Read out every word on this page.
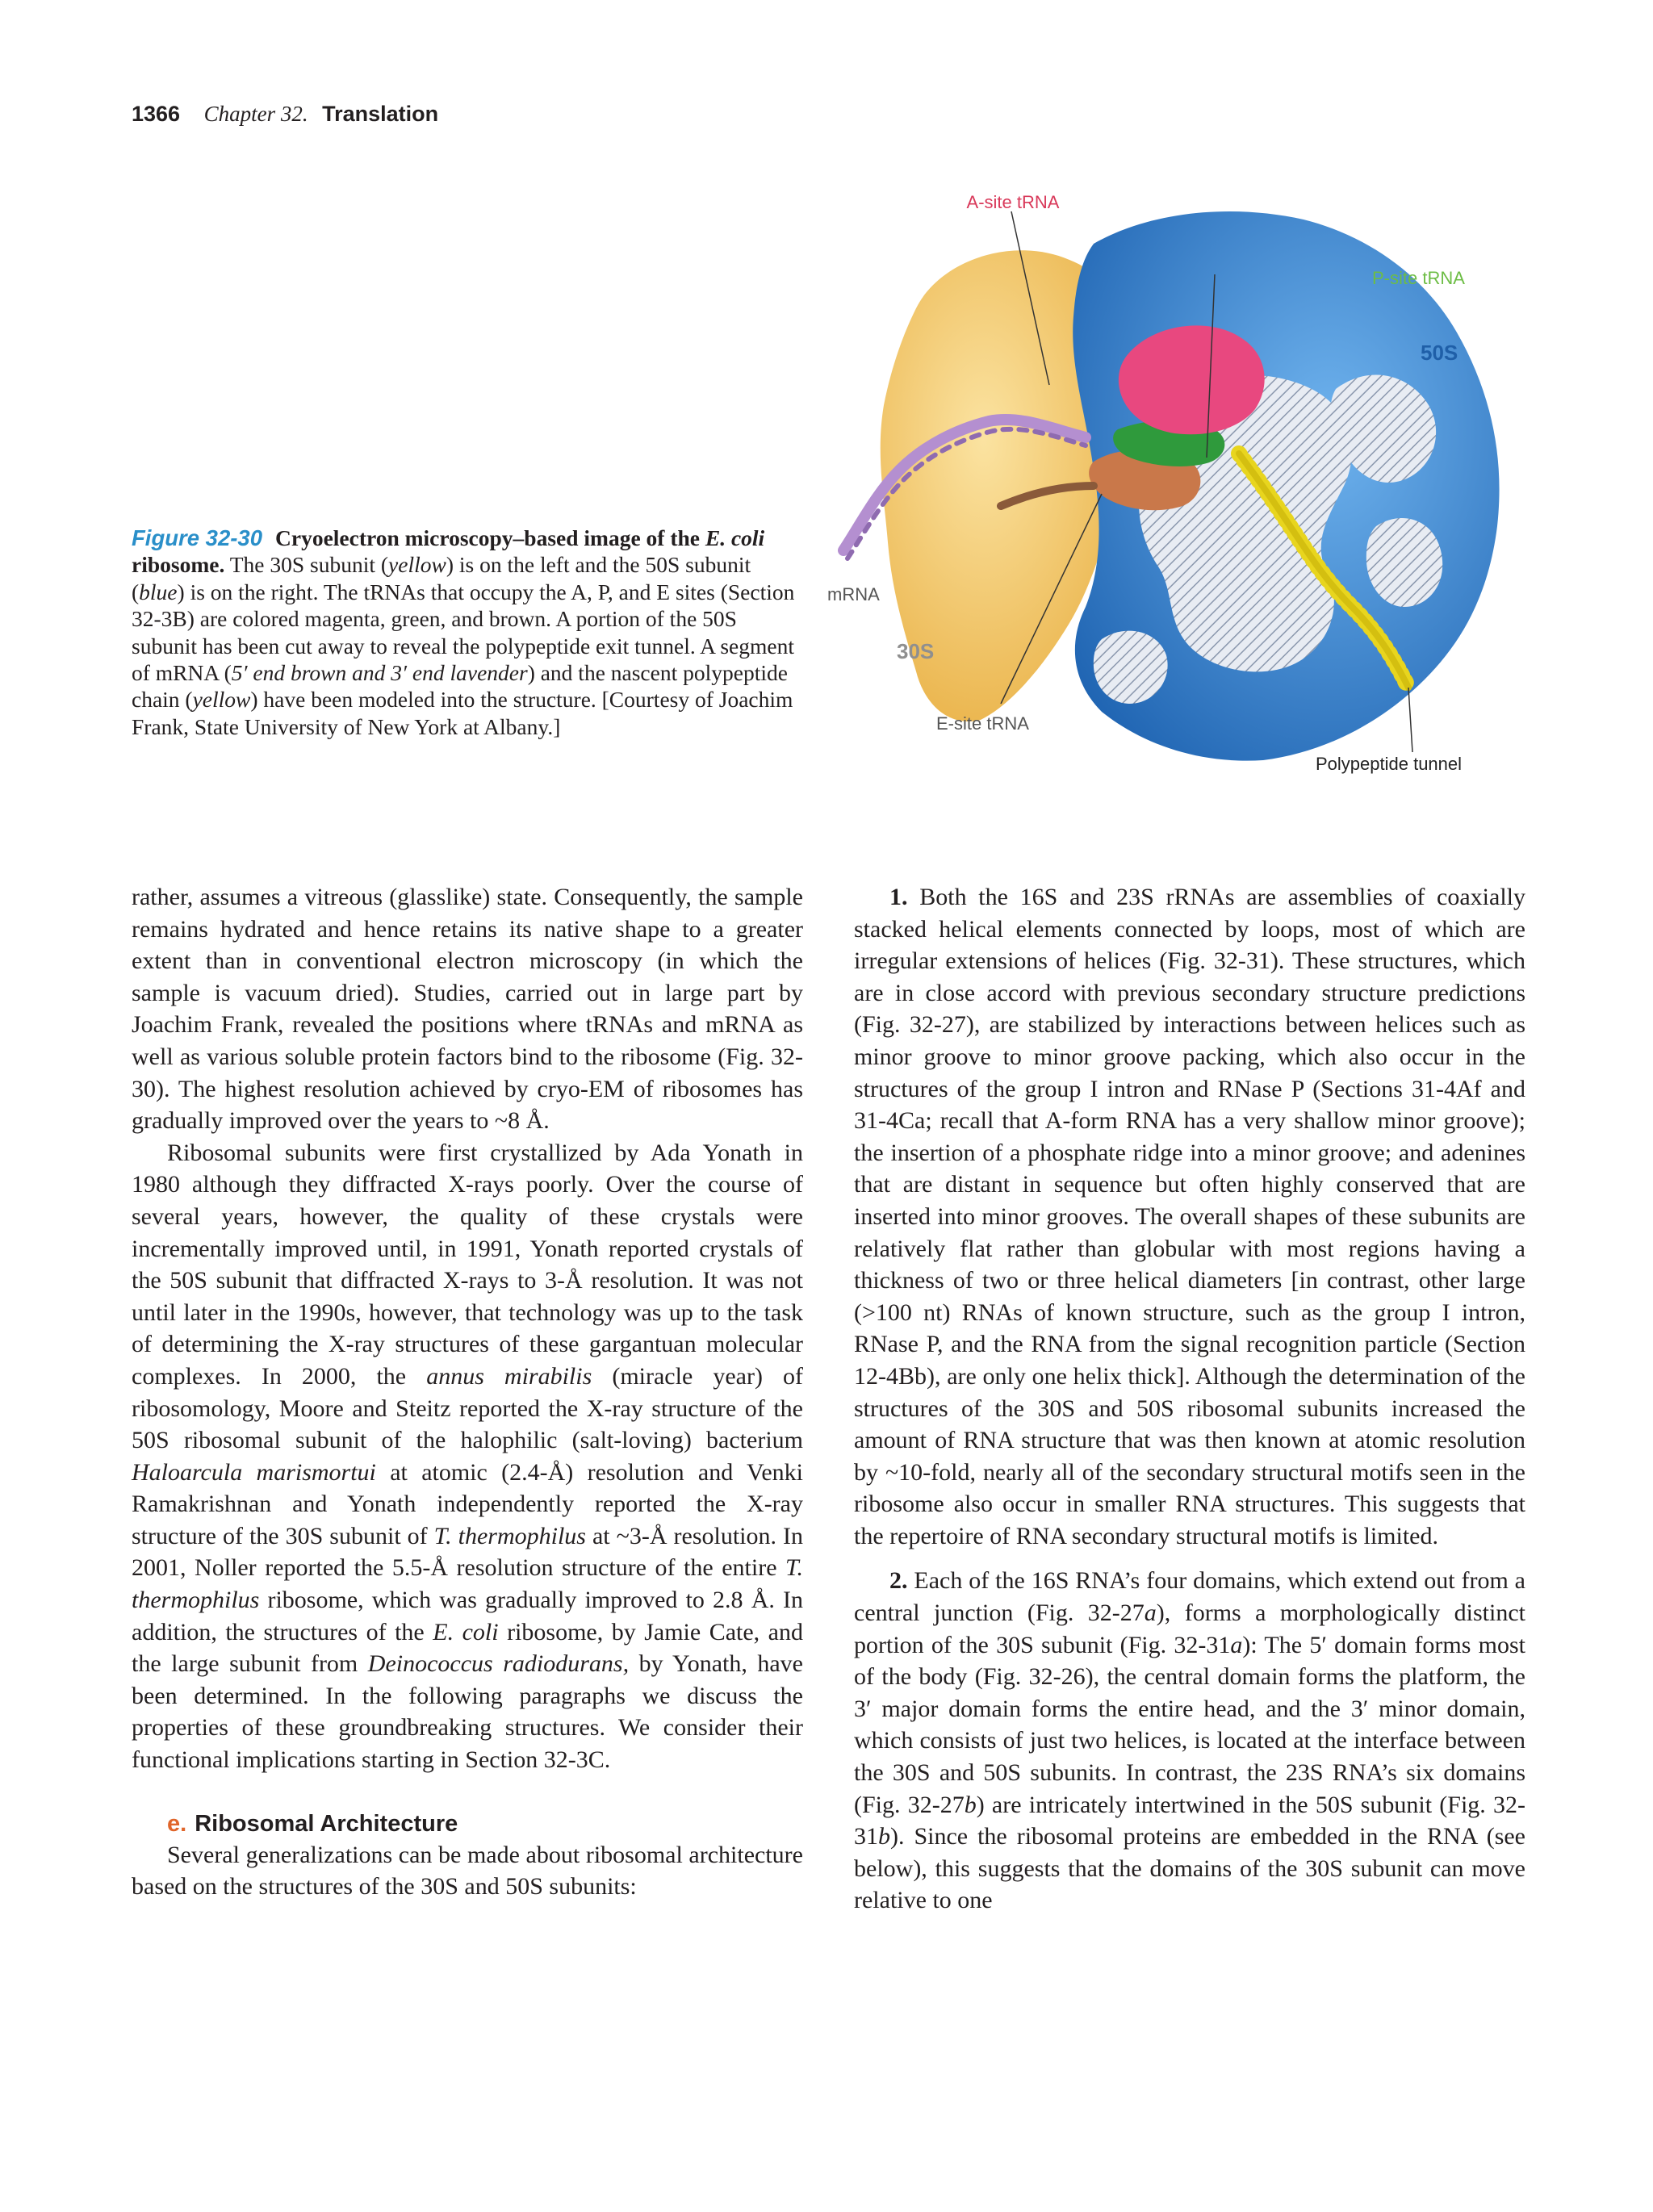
1366 Chapter 32. Translation
A-site tRNA
P-site tRNA
50S
mRNA
30S
E-site tRNA
Polypeptide tunnel
Figure 32-30 Cryoelectron microscopy–based image of the E. coli ribosome. The 30S subunit (yellow) is on the left and the 50S subunit (blue) is on the right. The tRNAs that occupy the A, P, and E sites (Section 32-3B) are colored magenta, green, and brown. A portion of the 50S subunit has been cut away to reveal the polypeptide exit tunnel. A segment of mRNA (5′ end brown and 3′ end lavender) and the nascent polypeptide chain (yellow) have been modeled into the structure. [Courtesy of Joachim Frank, State University of New York at Albany.]

rather, assumes a vitreous (glasslike) state. Consequently, the sample remains hydrated and hence retains its native shape to a greater extent than in conventional electron microscopy (in which the sample is vacuum dried). Studies, carried out in large part by Joachim Frank, revealed the positions where tRNAs and mRNA as well as various soluble protein factors bind to the ribosome (Fig. 32-30). The highest resolution achieved by cryo-EM of ribosomes has gradually improved over the years to ~8 Å.

Ribosomal subunits were first crystallized by Ada Yonath in 1980 although they diffracted X-rays poorly. Over the course of several years, however, the quality of these crystals were incrementally improved until, in 1991, Yonath reported crystals of the 50S subunit that diffracted X-rays to 3-Å resolution. It was not until later in the 1990s, however, that technology was up to the task of determining the X-ray structures of these gargantuan molecular complexes. In 2000, the annus mirabilis (miracle year) of ribosomology, Moore and Steitz reported the X-ray structure of the 50S ribosomal subunit of the halophilic (salt-loving) bacterium Haloarcula marismortui at atomic (2.4-Å) resolution and Venki Ramakrishnan and Yonath independently reported the X-ray structure of the 30S subunit of T. thermophilus at ~3-Å resolution. In 2001, Noller reported the 5.5-Å resolution structure of the entire T. thermophilus ribosome, which was gradually improved to 2.8 Å. In addition, the structures of the E. coli ribosome, by Jamie Cate, and the large subunit from Deinococcus radiodurans, by Yonath, have been determined. In the following paragraphs we discuss the properties of these groundbreaking structures. We consider their functional implications starting in Section 32-3C.

e. Ribosomal Architecture

Several generalizations can be made about ribosomal architecture based on the structures of the 30S and 50S subunits:

1. Both the 16S and 23S rRNAs are assemblies of coaxially stacked helical elements connected by loops, most of which are irregular extensions of helices (Fig. 32-31). These structures, which are in close accord with previous secondary structure predictions (Fig. 32-27), are stabilized by interactions between helices such as minor groove to minor groove packing, which also occur in the structures of the group I intron and RNase P (Sections 31-4Af and 31-4Ca; recall that A-form RNA has a very shallow minor groove); the insertion of a phosphate ridge into a minor groove; and adenines that are distant in sequence but often highly conserved that are inserted into minor grooves. The overall shapes of these subunits are relatively flat rather than globular with most regions having a thickness of two or three helical diameters [in contrast, other large (>100 nt) RNAs of known structure, such as the group I intron, RNase P, and the RNA from the signal recognition particle (Section 12-4Bb), are only one helix thick]. Although the determination of the structures of the 30S and 50S ribosomal subunits increased the amount of RNA structure that was then known at atomic resolution by ~10-fold, nearly all of the secondary structural motifs seen in the ribosome also occur in smaller RNA structures. This suggests that the repertoire of RNA secondary structural motifs is limited.

2. Each of the 16S RNA’s four domains, which extend out from a central junction (Fig. 32-27a), forms a morphologically distinct portion of the 30S subunit (Fig. 32-31a): The 5′ domain forms most of the body (Fig. 32-26), the central domain forms the platform, the 3′ major domain forms the entire head, and the 3′ minor domain, which consists of just two helices, is located at the interface between the 30S and 50S subunits. In contrast, the 23S RNA’s six domains (Fig. 32-27b) are intricately intertwined in the 50S subunit (Fig. 32-31b). Since the ribosomal proteins are embedded in the RNA (see below), this suggests that the domains of the 30S subunit can move relative to one
